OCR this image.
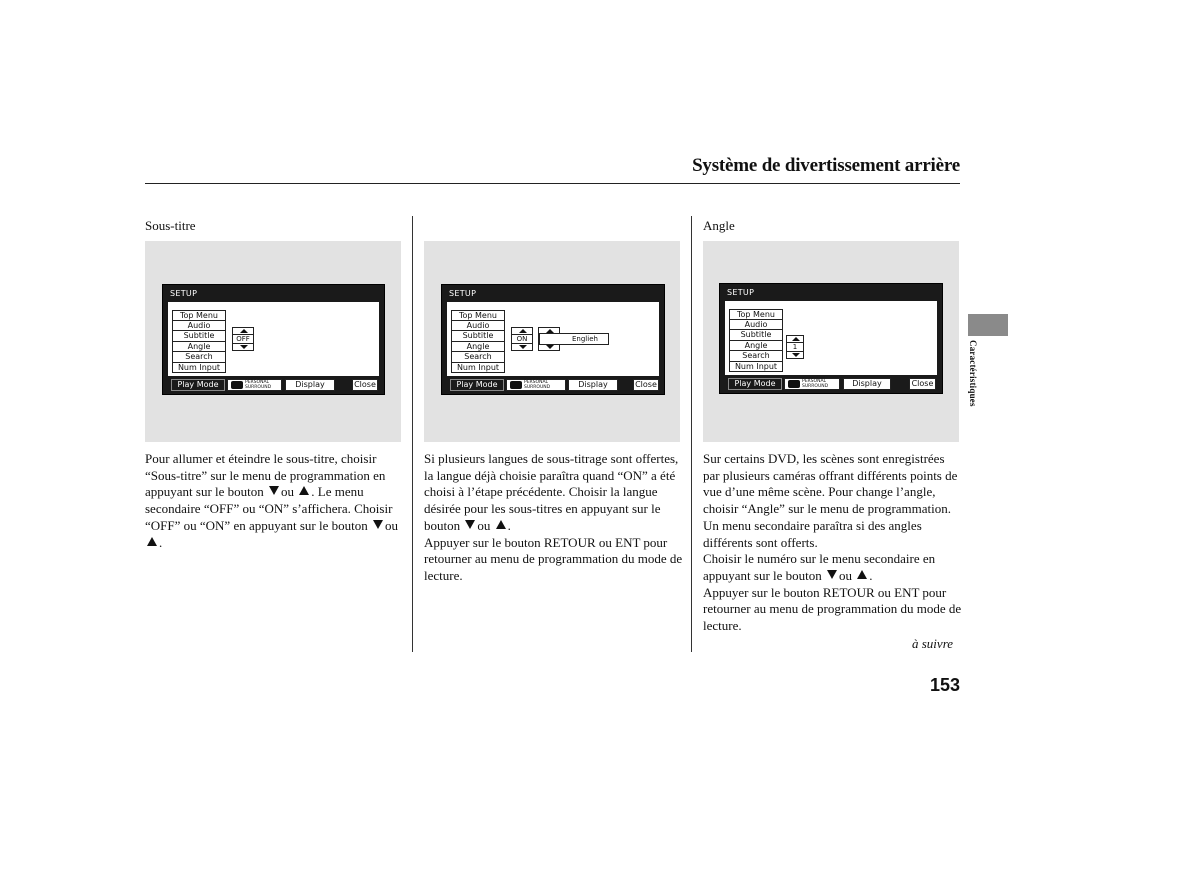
Système de divertissement arrière
Sous-titre	Angle
SETUP
Top Menu
Audio
Subtitle
Angle
Search
Num Input
OFF
Play Mode	PERSONAL
SURROUND	Display	Close
SETUP
Top Menu
Audio
Subtitle
Angle
Search
Num Input
ON	Englieh
Play Mode	PERSONAL
SURROUND	Display	Close
SETUP
Top Menu
Audio
Subtitle
Angle
Search
Num Input
1
Play Mode	PERSONAL
SURROUND	Display	Close

Pour allumer et éteindre le sous-titre, choisir “Sous-titre” sur le menu de programmation en appuyant sur le bouton ou . Le menu secondaire “OFF” ou “ON” s’affichera. Choisir “OFF” ou “ON” en appuyant sur le bouton ou .

Si plusieurs langues de sous-titrage sont offertes, la langue déjà choisie paraîtra quand “ON” a été choisi à l’étape précédente. Choisir la langue désirée pour les sous-titres en appuyant sur le bouton ou .

Appuyer sur le bouton RETOUR ou ENT pour retourner au menu de programmation du mode de lecture.

Sur certains DVD, les scènes sont enregistrées par plusieurs caméras offrant différents points de vue d’une même scène. Pour change l’angle, choisir “Angle” sur le menu de programmation. Un menu secondaire paraîtra si des angles différents sont offerts.

Choisir le numéro sur le menu secondaire en appuyant sur le bouton ou .

Appuyer sur le bouton RETOUR ou ENT pour retourner au menu de programmation du mode de lecture.

à suivre
153
Caractéristiques
